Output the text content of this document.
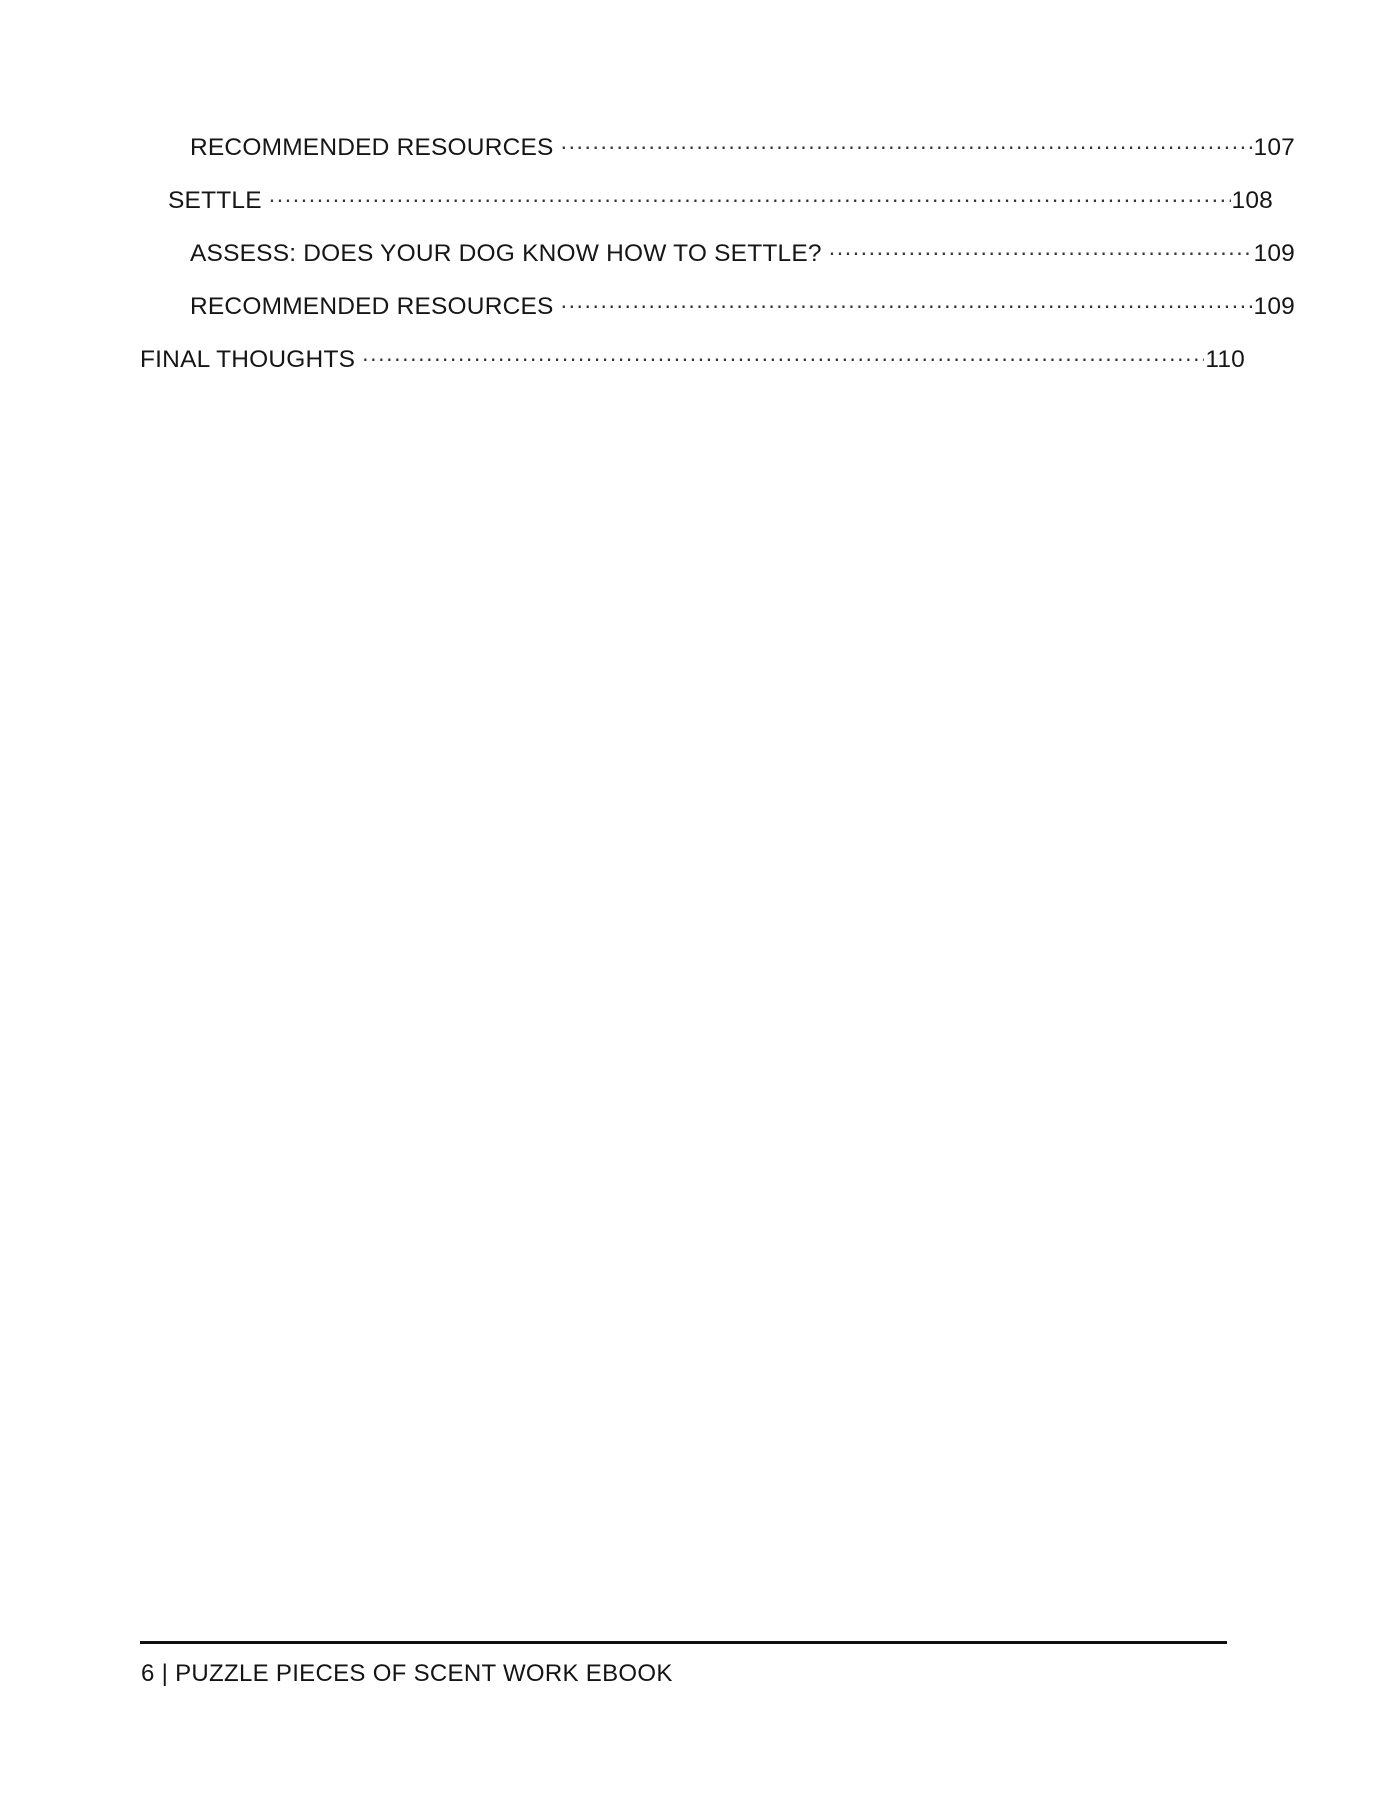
RECOMMENDED RESOURCES .....	107
SETTLE .....	108
ASSESS: DOES YOUR DOG KNOW HOW TO SETTLE? .....	109
RECOMMENDED RESOURCES .....	109
FINAL THOUGHTS .....	110
6 | PUZZLE PIECES OF SCENT WORK EBOOK
